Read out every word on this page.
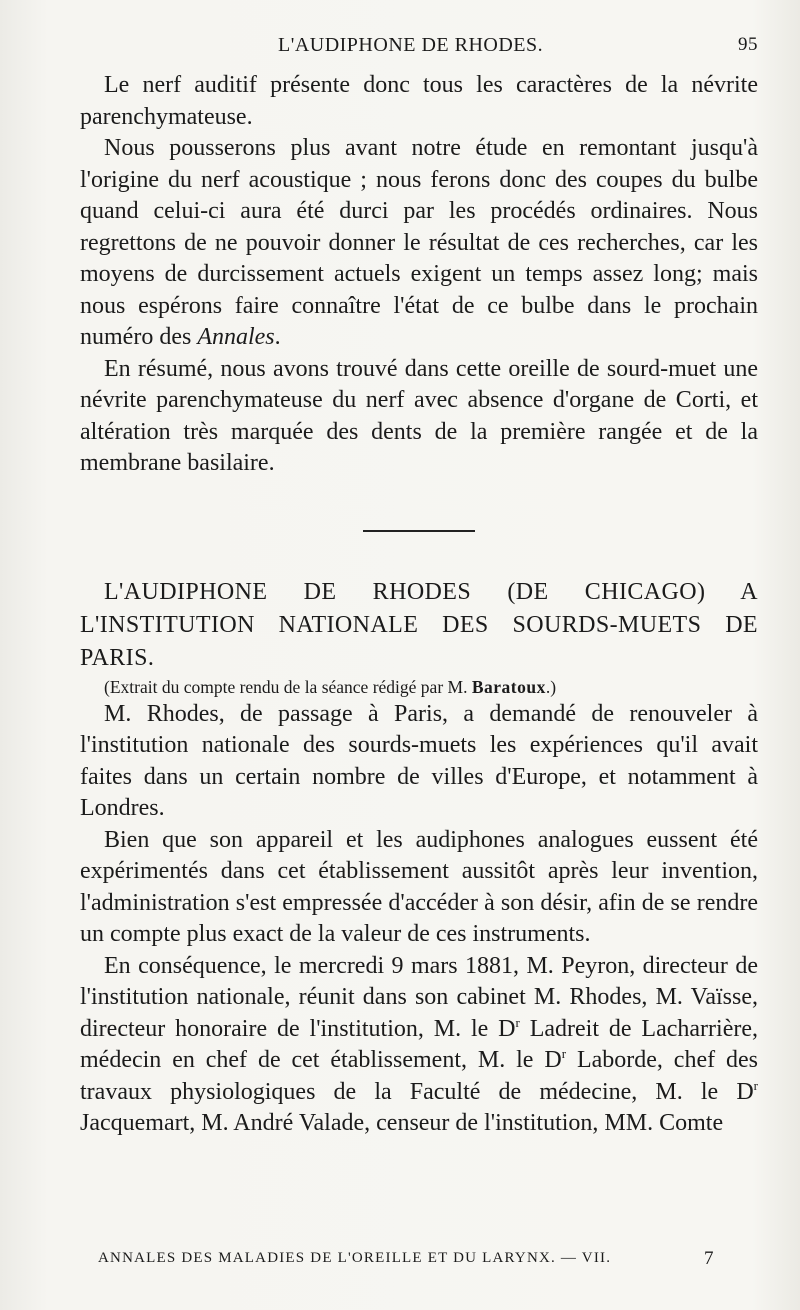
L'AUDIPHONE DE RHODES.	95

Le nerf auditif présente donc tous les caractères de la névrite parenchymateuse.

Nous pousserons plus avant notre étude en remontant jusqu'à l'origine du nerf acoustique ; nous ferons donc des coupes du bulbe quand celui-ci aura été durci par les procédés ordinaires. Nous regrettons de ne pouvoir donner le résultat de ces recherches, car les moyens de durcissement actuels exigent un temps assez long; mais nous espérons faire connaître l'état de ce bulbe dans le prochain numéro des Annales.

En résumé, nous avons trouvé dans cette oreille de sourd-muet une névrite parenchymateuse du nerf avec absence d'organe de Corti, et altération très marquée des dents de la première rangée et de la membrane basilaire.

L'AUDIPHONE DE RHODES (DE CHICAGO) A L'INSTITUTION NATIONALE DES SOURDS-MUETS DE PARIS.

(Extrait du compte rendu de la séance rédigé par M. Baratoux.)

M. Rhodes, de passage à Paris, a demandé de renouveler à l'institution nationale des sourds-muets les expériences qu'il avait faites dans un certain nombre de villes d'Europe, et notamment à Londres.

Bien que son appareil et les audiphones analogues eussent été expérimentés dans cet établissement aussitôt après leur invention, l'administration s'est empressée d'accéder à son désir, afin de se rendre un compte plus exact de la valeur de ces instruments.

En conséquence, le mercredi 9 mars 1881, M. Peyron, directeur de l'institution nationale, réunit dans son cabinet M. Rhodes, M. Vaïsse, directeur honoraire de l'institution, M. le $D^r$ Ladreit de Lacharrière, médecin en chef de cet établissement, M. le $D^r$ Laborde, chef des travaux physiologiques de la Faculté de médecine, M. le $D^r$ Jacquemart, M. André Valade, censeur de l'institution, MM. Comte

ANNALES DES MALADIES DE L'OREILLE ET DU LARYNX. — VII.	7
